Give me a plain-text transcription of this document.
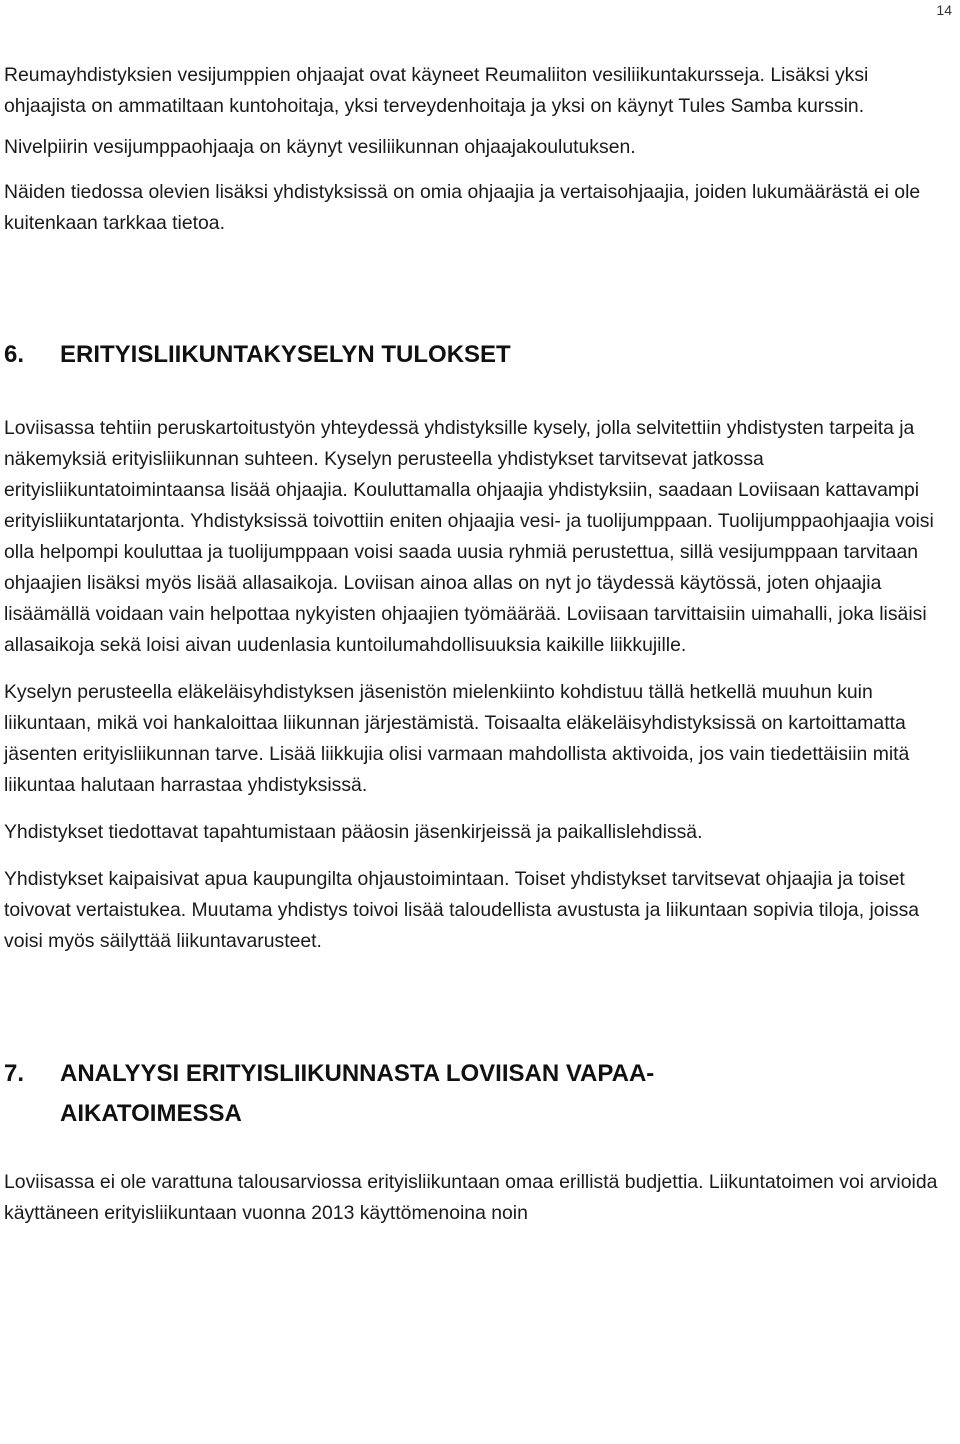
14

Reumayhdistyksien vesijumppien ohjaajat ovat käyneet Reumaliiton vesiliikuntakursseja. Lisäksi yksi ohjaajista on ammatiltaan kuntohoitaja, yksi terveydenhoitaja ja yksi on käynyt Tules Samba kurssin.

Nivelpiirin vesijumppaohjaaja on käynyt vesiliikunnan ohjaajakoulutuksen.

Näiden tiedossa olevien lisäksi yhdistyksissä on omia ohjaajia ja vertaisohjaajia, joiden lukumäärästä ei ole kuitenkaan tarkkaa tietoa.

6.	ERITYISLIIKUNTAKYSELYN TULOKSET

Loviisassa tehtiin peruskartoitustyön yhteydessä yhdistyksille kysely, jolla selvitettiin yhdistysten tarpeita ja näkemyksiä erityisliikunnan suhteen. Kyselyn perusteella yhdistykset tarvitsevat jatkossa erityisliikuntatoimintaansa lisää ohjaajia. Kouluttamalla ohjaajia yhdistyksiin, saadaan Loviisaan kattavampi erityisliikuntatarjonta. Yhdistyksissä toivottiin eniten ohjaajia vesi- ja tuolijumppaan. Tuolijumppaohjaajia voisi olla helpompi kouluttaa ja tuolijumppaan voisi saada uusia ryhmiä perustettua, sillä vesijumppaan tarvitaan ohjaajien lisäksi myös lisää allasaikoja. Loviisan ainoa allas on nyt jo täydessä käytössä, joten ohjaajia lisäämällä voidaan vain helpottaa nykyisten ohjaajien työmäärää. Loviisaan tarvittaisiin uimahalli, joka lisäisi allasaikoja sekä loisi aivan uudenlasia kuntoilumahdollisuuksia kaikille liikkujille.

Kyselyn perusteella eläkeläisyhdistyksen jäsenistön mielenkiinto kohdistuu tällä hetkellä muuhun kuin liikuntaan, mikä voi hankaloittaa liikunnan järjestämistä. Toisaalta eläkeläisyhdistyksissä on kartoittamatta jäsenten erityisliikunnan tarve. Lisää liikkujia olisi varmaan mahdollista aktivoida, jos vain tiedettäisiin mitä liikuntaa halutaan harrastaa yhdistyksissä.

Yhdistykset tiedottavat tapahtumistaan pääosin jäsenkirjeissä ja paikallislehdissä.

Yhdistykset kaipaisivat apua kaupungilta ohjaustoimintaan. Toiset yhdistykset tarvitsevat ohjaajia ja toiset toivovat vertaistukea. Muutama yhdistys toivoi lisää taloudellista avustusta ja liikuntaan sopivia tiloja, joissa voisi myös säilyttää liikuntavarusteet.

7.	ANALYYSI ERITYISLIIKUNNASTA LOVIISAN VAPAA-AIKATOIMESSA

Loviisassa ei ole varattuna talousarviossa erityisliikuntaan omaa erillistä budjettia. Liikuntatoimen voi arvioida käyttäneen erityisliikuntaan vuonna 2013 käyttömenoina noin
